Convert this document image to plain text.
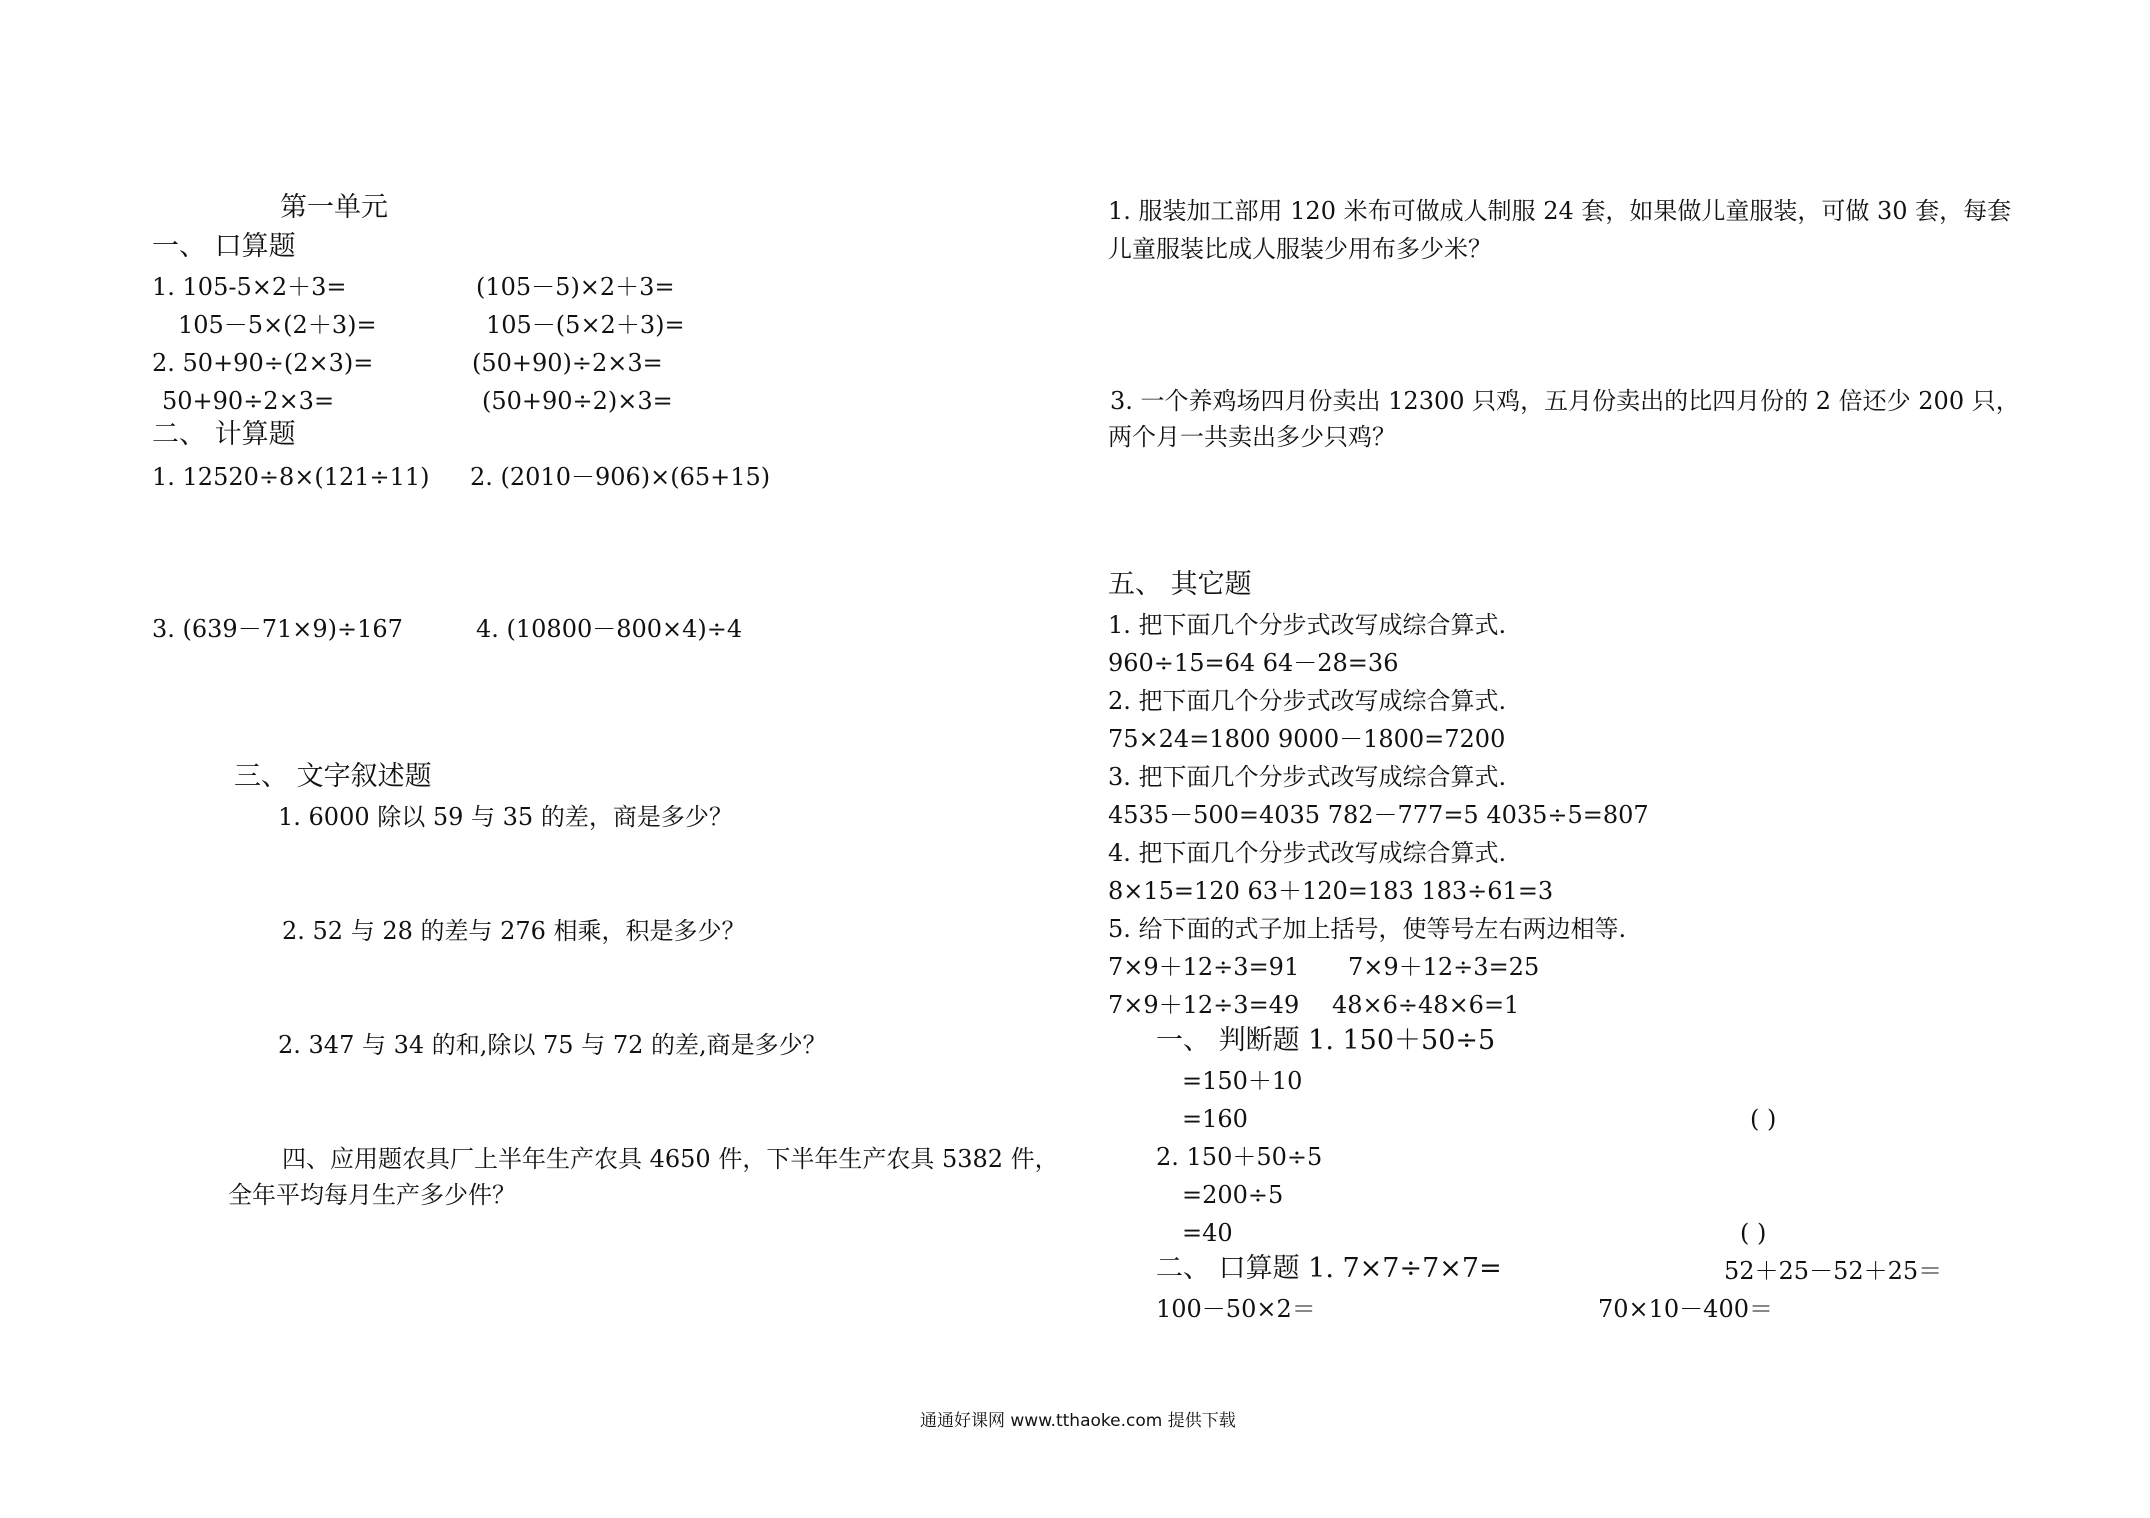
第一单元
一、 口算题
1. 105-5×2＋3=	(105－5)×2＋3=
105－5×(2＋3)=	105－(5×2＋3)=
2. 50+90÷(2×3)=	(50+90)÷2×3=
50+90÷2×3=	(50+90÷2)×3=
二、 计算题
1. 12520÷8×(121÷11) 2. (2010－906)×(65+15)
3. (639－71×9)÷167	4. (10800－800×4)÷4
三、 文字叙述题
1. 6000 除以 59 与 35 的差，商是多少？
2. 52 与 28 的差与 276 相乘，积是多少？
2. 347 与 34 的和,除以 75 与 72 的差,商是多少？
四、应用题农具厂上半年生产农具 4650 件，下半年生产农具 5382 件，
全年平均每月生产多少件？
1. 服装加工部用 120 米布可做成人制服 24 套，如果做儿童服装，可做 30 套，每套
儿童服装比成人服装少用布多少米？
3. 一个养鸡场四月份卖出 12300 只鸡，五月份卖出的比四月份的 2 倍还少 200 只，
两个月一共卖出多少只鸡？
五、 其它题
1. 把下面几个分步式改写成综合算式.
960÷15=64 64－28=36
2. 把下面几个分步式改写成综合算式.
75×24=1800 9000－1800=7200
3. 把下面几个分步式改写成综合算式.
4535－500=4035 782－777=5 4035÷5=807
4. 把下面几个分步式改写成综合算式.
8×15=120 63＋120=183 183÷61=3
5. 给下面的式子加上括号，使等号左右两边相等.
7×9＋12÷3=91 7×9＋12÷3=25
7×9＋12÷3=49 48×6÷48×6=1
一、 判断题 1. 150＋50÷5
=150＋10
=160	( )
2. 150＋50÷5
=200÷5
=40	( )
二、 口算题 1. 7×7÷7×7=	52＋25－52＋25＝
100－50×2＝	70×10－400＝
通通好课网 www.tthaoke.com 提供下载
